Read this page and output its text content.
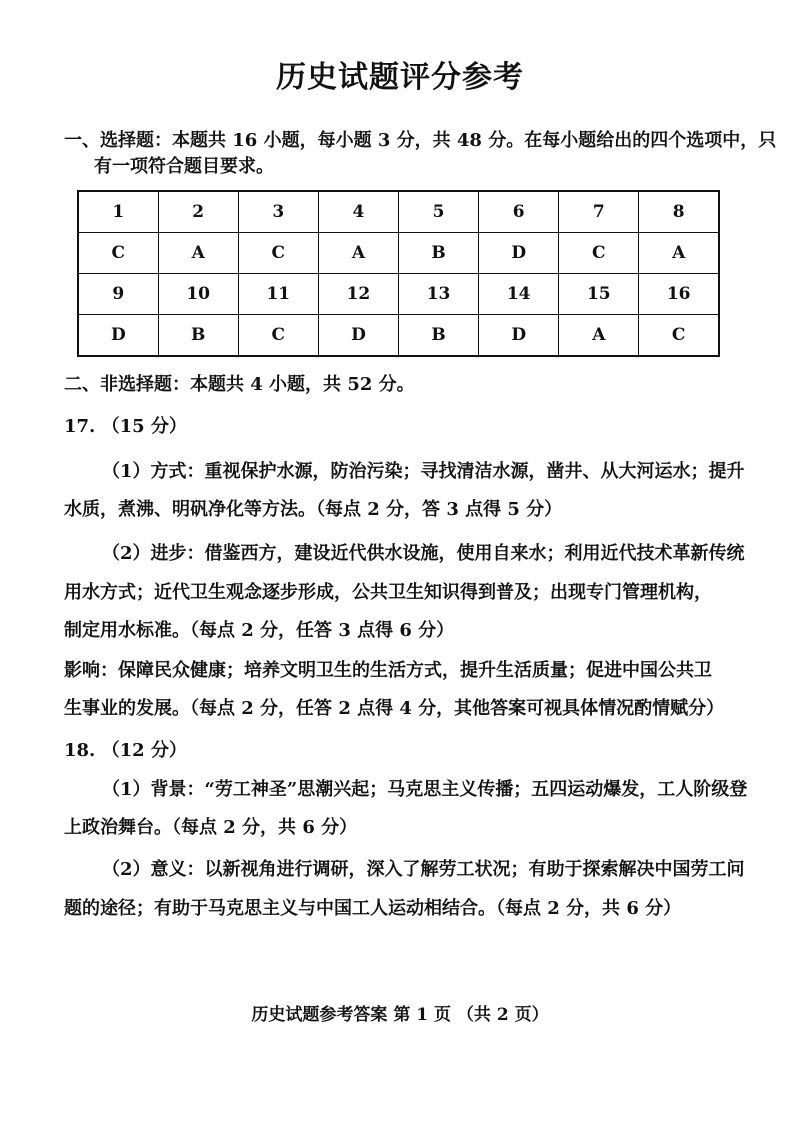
历史试题评分参考
一、选择题：本题共 16 小题，每小题 3 分，共 48 分。在每小题给出的四个选项中，只
有一项符合题目要求。
1	2	3	4	5	6	7	8
C	A	C	A	B	D	C	A
9	10	11	12	13	14	15	16
D	B	C	D	B	D	A	C
二、非选择题：本题共 4 小题，共 52 分。
17. （15 分）
（1）方式：重视保护水源，防治污染；寻找清洁水源，凿井、从大河运水；提升
水质，煮沸、明矾净化等方法。（每点 2 分，答 3 点得 5 分）
（2）进步：借鉴西方，建设近代供水设施，使用自来水；利用近代技术革新传统
用水方式；近代卫生观念逐步形成，公共卫生知识得到普及；出现专门管理机构，
制定用水标准。（每点 2 分，任答 3 点得 6 分）
影响：保障民众健康；培养文明卫生的生活方式，提升生活质量；促进中国公共卫
生事业的发展。（每点 2 分，任答 2 点得 4 分，其他答案可视具体情况酌情赋分）
18. （12 分）
（1）背景：“劳工神圣”思潮兴起；马克思主义传播；五四运动爆发，工人阶级登
上政治舞台。（每点 2 分，共 6 分）
（2）意义：以新视角进行调研，深入了解劳工状况；有助于探索解决中国劳工问
题的途径；有助于马克思主义与中国工人运动相结合。（每点 2 分，共 6 分）
历史试题参考答案 第 1 页 （共 2 页）
